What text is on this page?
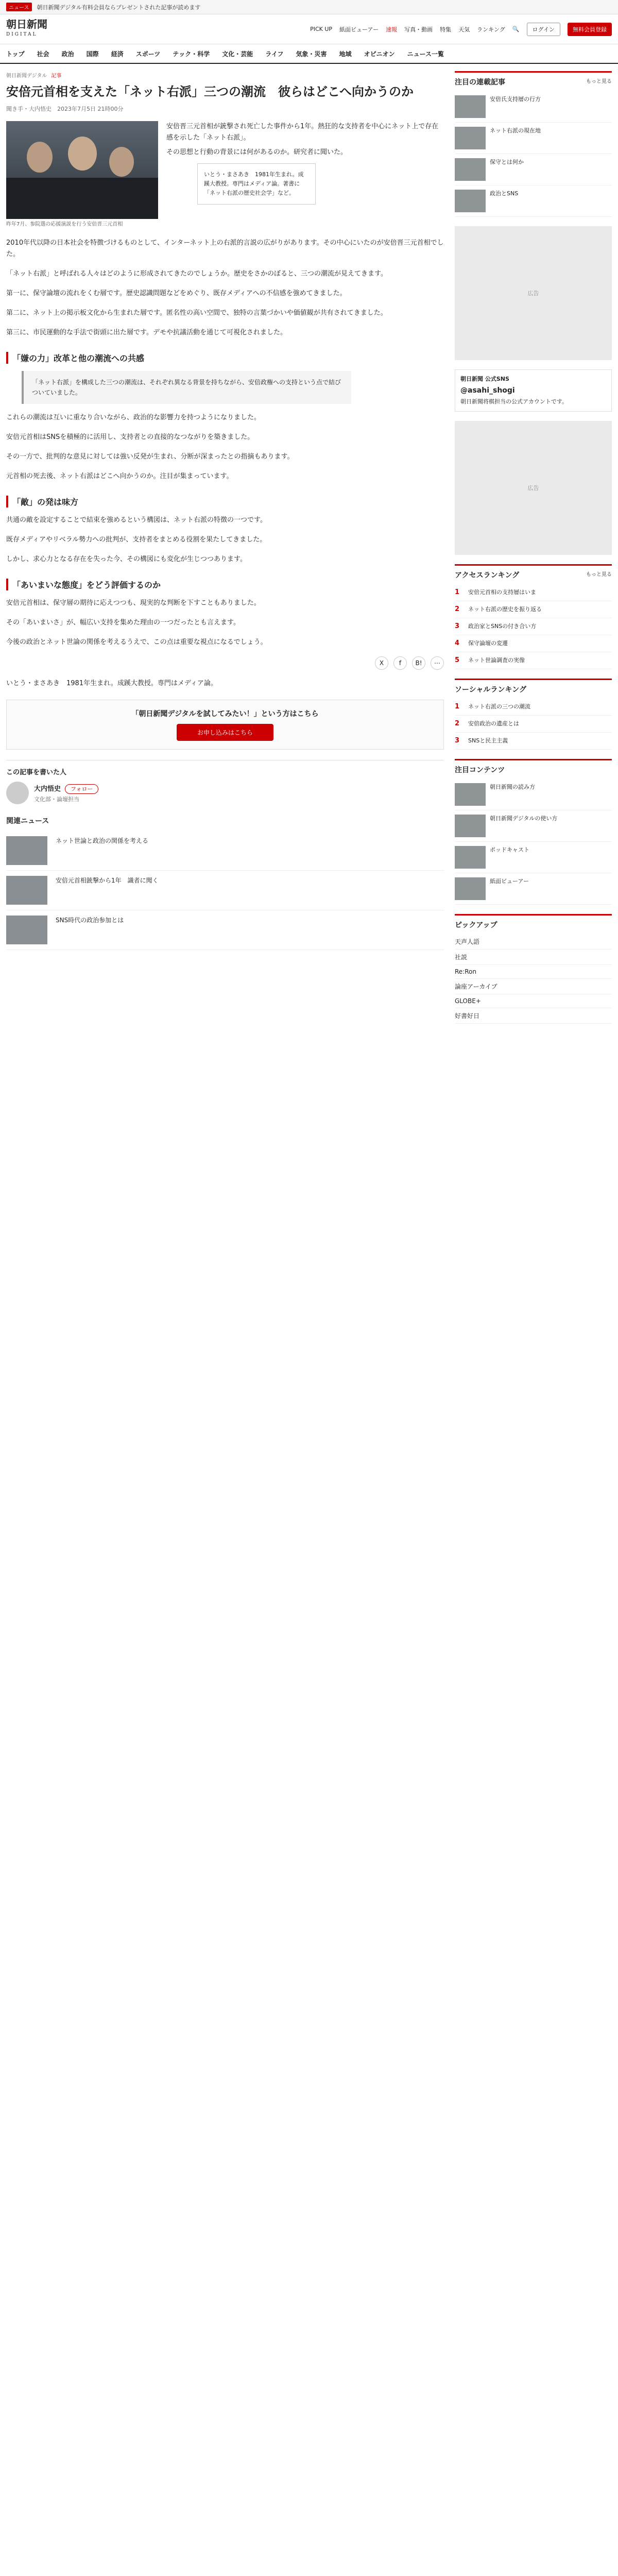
ニュース	朝日新聞デジタル有料会員ならプレゼントされた記事が読めます
朝日新聞
DIGITAL
PICK UP 紙面ビューアー 速報 写真・動画 特集 天気 ランキング 🔍	ログイン	無料会員登録
トップ 社会 政治 国際 経済 スポーツ テック・科学 文化・芸能 ライフ 気象・災害 地域 オピニオン ニュース一覧
朝日新聞デジタル 記事
安倍元首相を支えた「ネット右派」三つの潮流　彼らはどこへ向かうのか
聞き手・大内悟史　2023年7月5日 21時00分
昨年7月、参院選の応援演説を行う安倍晋三元首相

安倍晋三元首相が銃撃され死亡した事件から1年。熱狂的な支持者を中心にネット上で存在感を示した「ネット右派」。

その思想と行動の背景には何があるのか。研究者に聞いた。

いとう・まさあき　1981年生まれ。成蹊大教授。専門はメディア論。著書に「ネット右派の歴史社会学」など。

2010年代以降の日本社会を特徴づけるものとして、インターネット上の右派的言説の広がりがあります。その中心にいたのが安倍晋三元首相でした。

「ネット右派」と呼ばれる人々はどのように形成されてきたのでしょうか。歴史をさかのぼると、三つの潮流が見えてきます。

第一に、保守論壇の流れをくむ層です。歴史認識問題などをめぐり、既存メディアへの不信感を強めてきました。

第二に、ネット上の掲示板文化から生まれた層です。匿名性の高い空間で、独特の言葉づかいや価値観が共有されてきました。

第三に、市民運動的な手法で街頭に出た層です。デモや抗議活動を通じて可視化されました。

「嫌の力」改革と他の潮流への共感
「ネット右派」を構成した三つの潮流は、それぞれ異なる背景を持ちながら、安倍政権への支持という点で結びついていました。

これらの潮流は互いに重なり合いながら、政治的な影響力を持つようになりました。

安倍元首相はSNSを積極的に活用し、支持者との直接的なつながりを築きました。

その一方で、批判的な意見に対しては強い反発が生まれ、分断が深まったとの指摘もあります。

元首相の死去後、ネット右派はどこへ向かうのか。注目が集まっています。

「敵」の発は味方

共通の敵を設定することで結束を強めるという構図は、ネット右派の特徴の一つです。

既存メディアやリベラル勢力への批判が、支持者をまとめる役割を果たしてきました。

しかし、求心力となる存在を失った今、その構図にも変化が生じつつあります。

「あいまいな態度」をどう評価するのか

安倍元首相は、保守層の期待に応えつつも、現実的な判断を下すこともありました。

その「あいまいさ」が、幅広い支持を集めた理由の一つだったとも言えます。

今後の政治とネット世論の関係を考えるうえで、この点は重要な視点になるでしょう。

X	f	B!	⋯
いとう・まさあき　1981年生まれ。成蹊大教授。専門はメディア論。
「朝日新聞デジタルを試してみたい！」という方はこちら
お申し込みはこちら
この記事を書いた人
大内悟史 フォロー
文化部・論壇担当
関連ニュース
ネット世論と政治の関係を考える
安倍元首相銃撃から1年　識者に聞く
SNS時代の政治参加とは
注目の連載記事	もっと見る
安倍氏支持層の行方
ネット右派の現在地
保守とは何か
政治とSNS
広告
朝日新聞 公式SNS
@asahi_shogi
朝日新聞将棋担当の公式アカウントです。
広告
アクセスランキング	もっと見る
1	安倍元首相の支持層はいま
2	ネット右派の歴史を振り返る
3	政治家とSNSの付き合い方
4	保守論壇の変遷
5	ネット世論調査の実像
ソーシャルランキング
1	ネット右派の三つの潮流
2	安倍政治の遺産とは
3	SNSと民主主義
注目コンテンツ
朝日新聞の読み方
朝日新聞デジタルの使い方
ポッドキャスト
紙面ビューアー
ピックアップ
天声人語
社説
Re:Ron
論座アーカイブ
GLOBE+
好書好日
